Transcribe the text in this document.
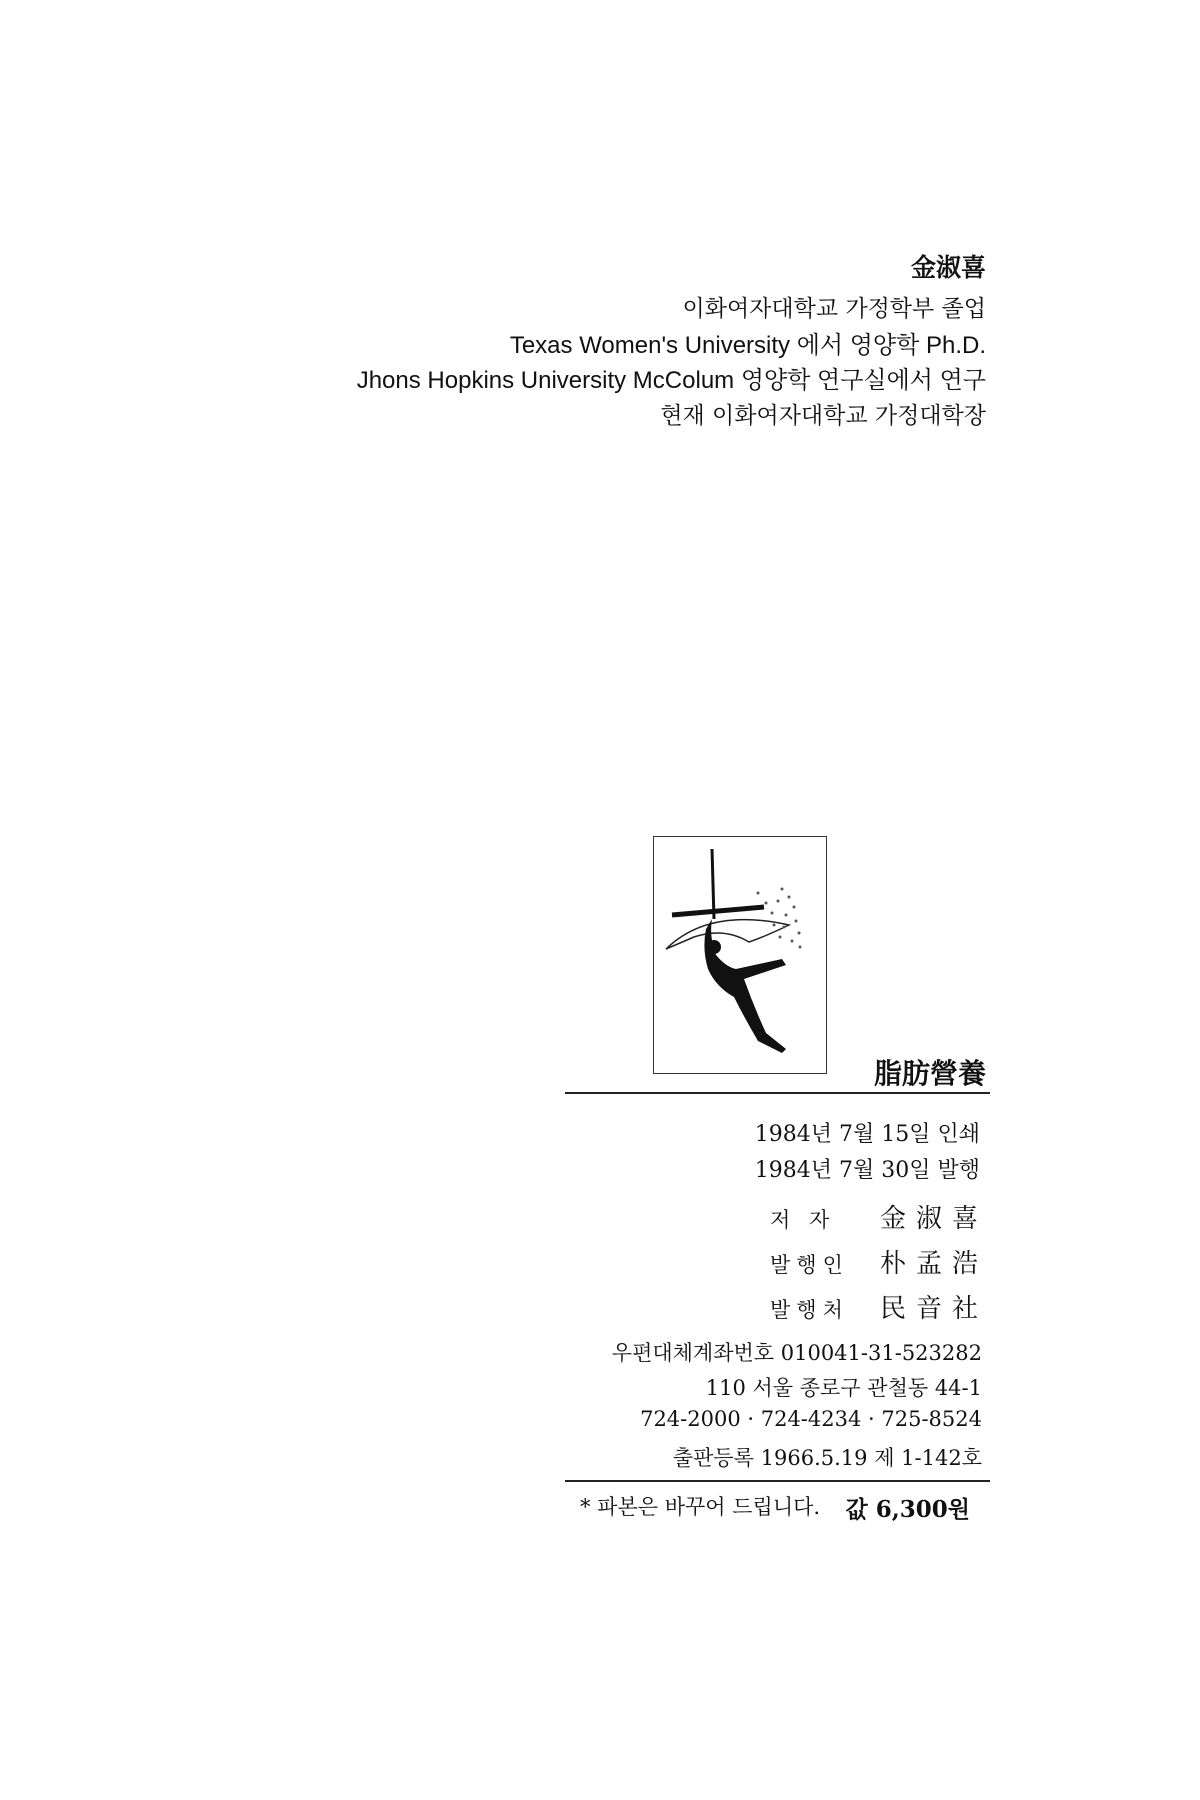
金淑喜
이화여자대학교 가정학부 졸업
Texas Women's University 에서 영양학 Ph.D.
Jhons Hopkins University McColum 영양학 연구실에서 연구
현재 이화여자대학교 가정대학장
脂肪營養
1984년 7월 15일 인쇄
1984년 7월 30일 발행
저 자 金淑喜
발행인 朴孟浩
발행처 民音社
우편대체계좌번호 010041-31-523282
110 서울 종로구 관철동 44-1
724-2000 · 724-4234 · 725-8524
출판등록 1966.5.19 제 1-142호
* 파본은 바꾸어 드립니다. 값 6,300원
